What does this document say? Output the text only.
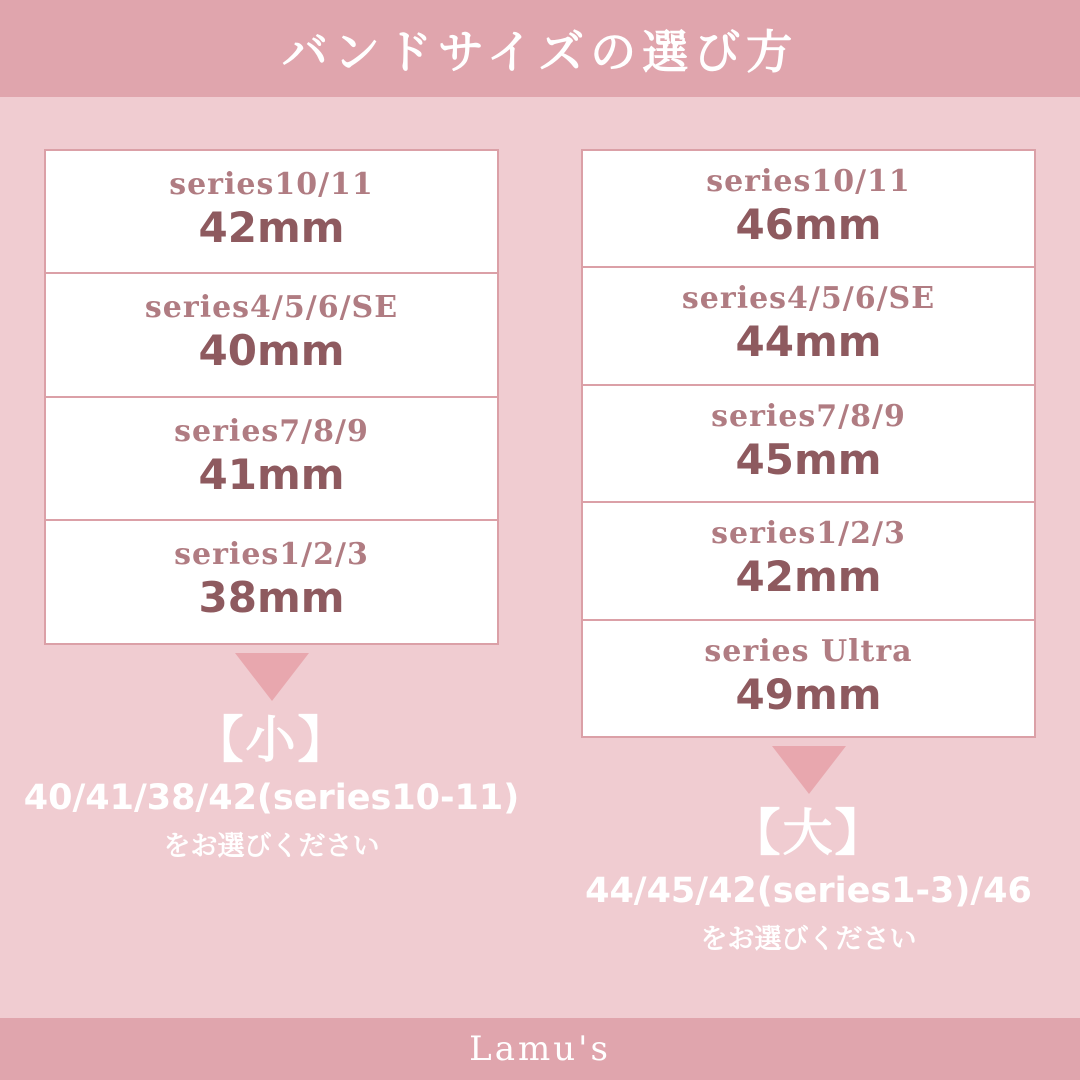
バンドサイズの選び方
series10/11
42mm
series4/5/6/SE
40mm
series7/8/9
41mm
series1/2/3
38mm
【小】
40/41/38/42(series10-11)
をお選びください
series10/11
46mm
series4/5/6/SE
44mm
series7/8/9
45mm
series1/2/3
42mm
series Ultra
49mm
【大】
44/45/42(series1-3)/46
をお選びください
Lamu's
